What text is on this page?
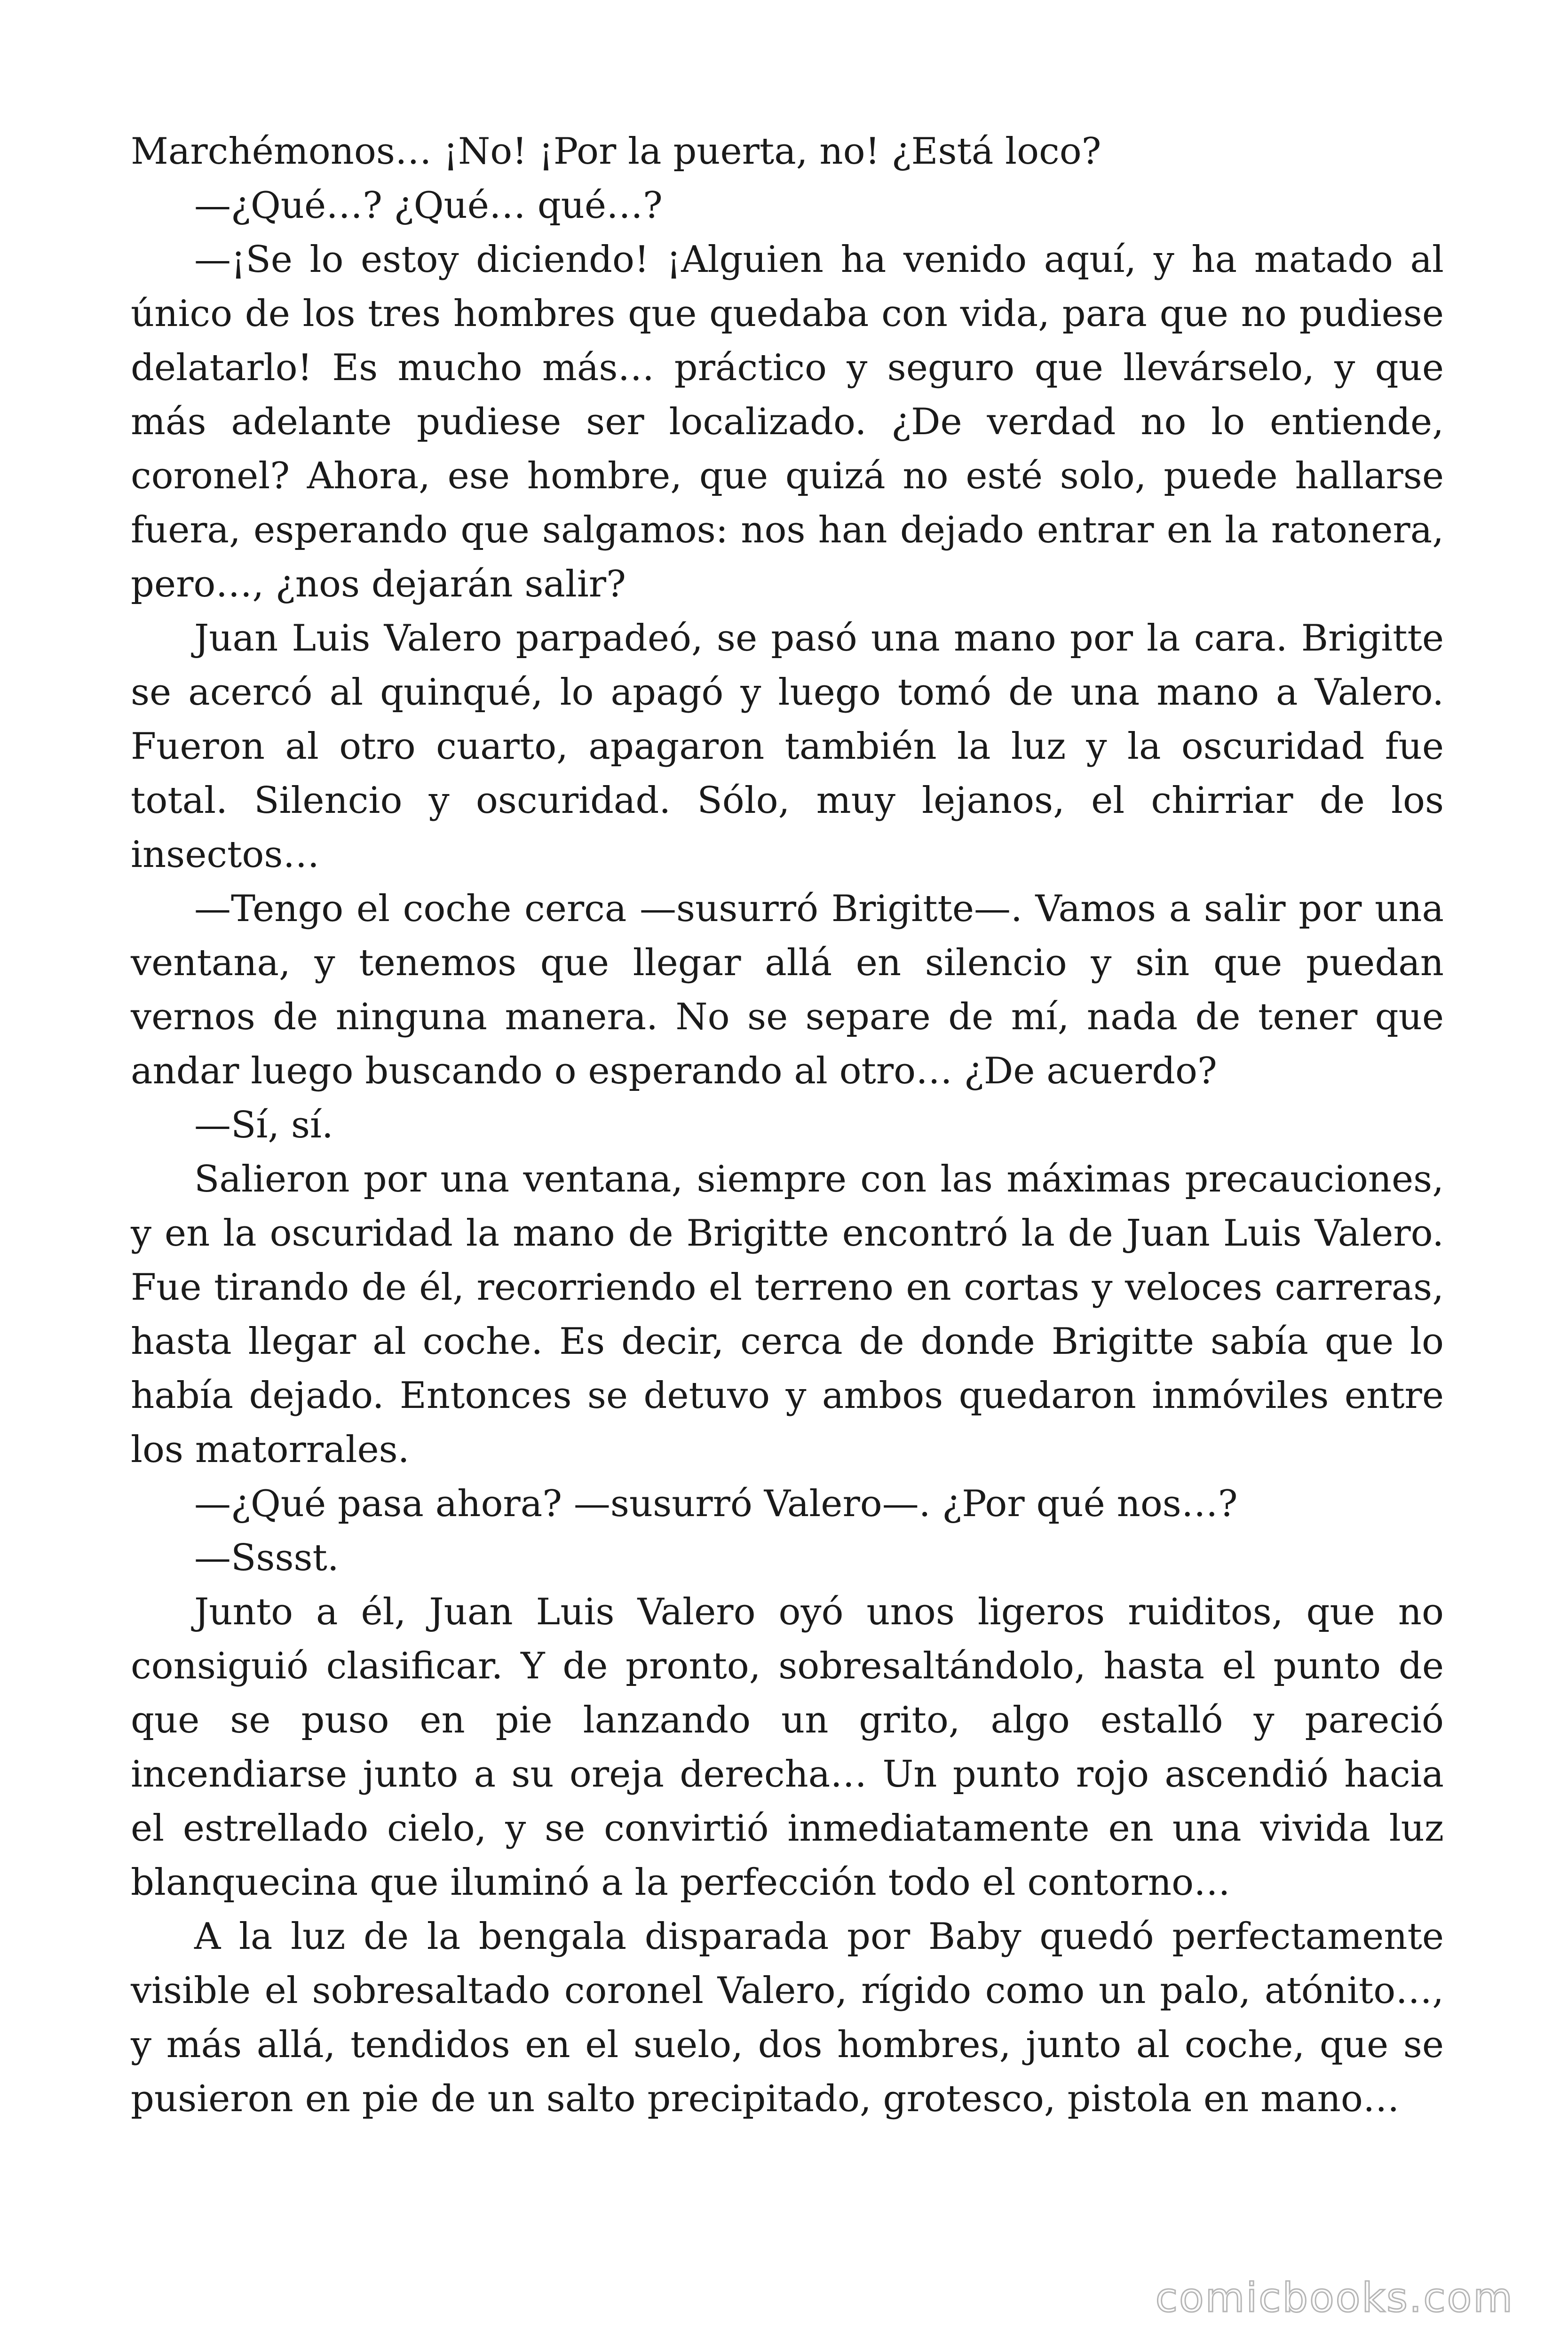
Marchémonos… ¡No! ¡Por la puerta, no! ¿Está loco?

—¿Qué…? ¿Qué… qué…?

—¡Se lo estoy diciendo! ¡Alguien ha venido aquí, y ha matado al único de los tres hombres que quedaba con vida, para que no pudiese delatarlo! Es mucho más… práctico y seguro que llevárselo, y que más adelante pudiese ser localizado. ¿De verdad no lo entiende, coronel? Ahora, ese hombre, que quizá no esté solo, puede hallarse fuera, esperando que salgamos: nos han dejado entrar en la ratonera, pero…, ¿nos dejarán salir?

Juan Luis Valero parpadeó, se pasó una mano por la cara. Brigitte se acercó al quinqué, lo apagó y luego tomó de una mano a Valero. Fueron al otro cuarto, apagaron también la luz y la oscuridad fue total. Silencio y oscuridad. Sólo, muy lejanos, el chirriar de los insectos…

—Tengo el coche cerca —susurró Brigitte—. Vamos a salir por una ventana, y tenemos que llegar allá en silencio y sin que puedan vernos de ninguna manera. No se separe de mí, nada de tener que andar luego buscando o esperando al otro… ¿De acuerdo?

—Sí, sí.

Salieron por una ventana, siempre con las máximas precauciones, y en la oscuridad la mano de Brigitte encontró la de Juan Luis Valero. Fue tirando de él, recorriendo el terreno en cortas y veloces carreras, hasta llegar al coche. Es decir, cerca de donde Brigitte sabía que lo había dejado. Entonces se detuvo y ambos quedaron inmóviles entre los matorrales.

—¿Qué pasa ahora? —susurró Valero—. ¿Por qué nos…?

—Sssst.

Junto a él, Juan Luis Valero oyó unos ligeros ruiditos, que no consiguió clasificar. Y de pronto, sobresaltándolo, hasta el punto de que se puso en pie lanzando un grito, algo estalló y pareció incendiarse junto a su oreja derecha… Un punto rojo ascendió hacia el estrellado cielo, y se convirtió inmediatamente en una vivida luz blanquecina que iluminó a la perfección todo el contorno…

A la luz de la bengala disparada por Baby quedó perfectamente visible el sobresaltado coronel Valero, rígido como un palo, atónito…, y más allá, tendidos en el suelo, dos hombres, junto al coche, que se pusieron en pie de un salto precipitado, grotesco, pistola en mano…

comicbooks.com
